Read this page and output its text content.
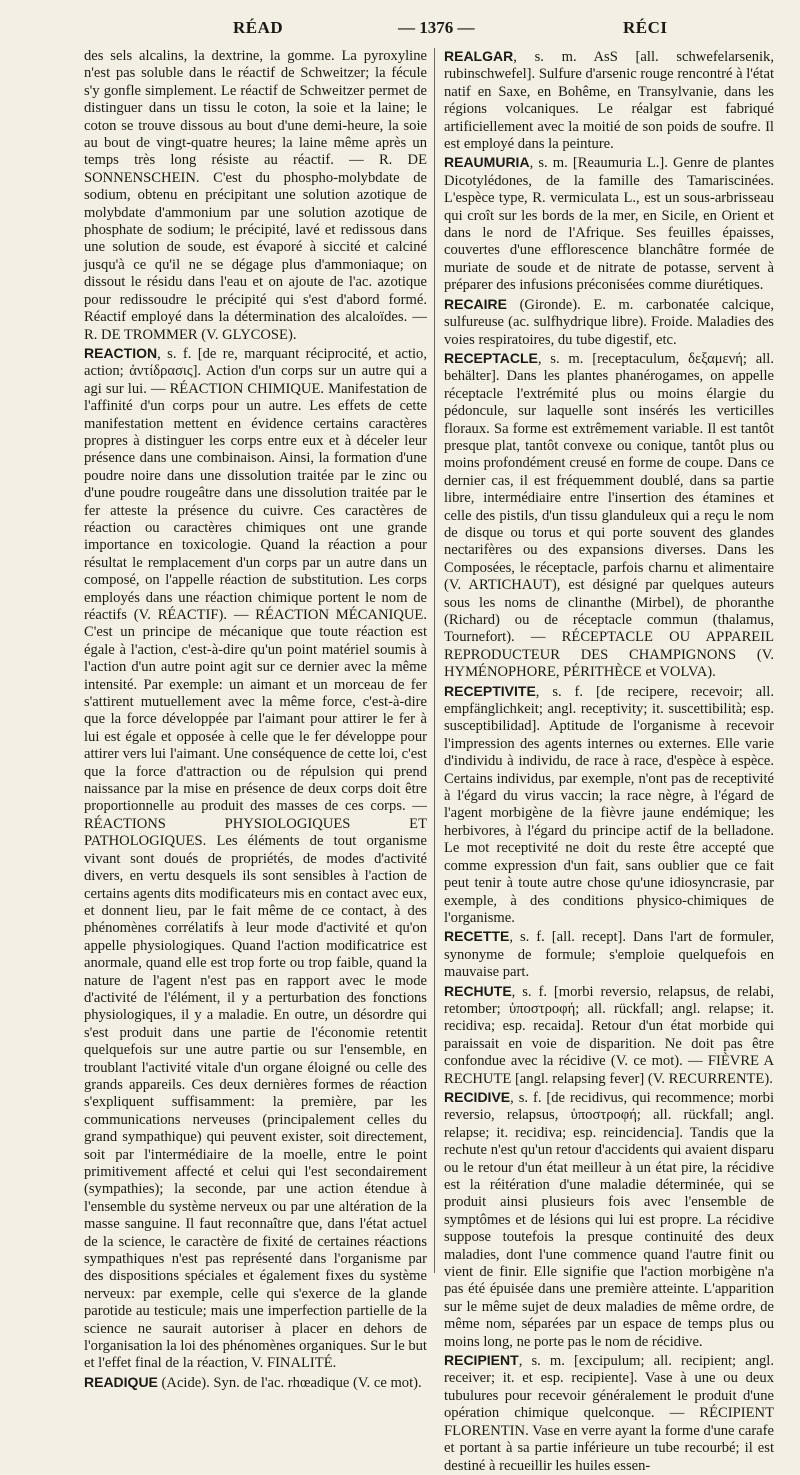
RÉAD	— 1376 —	RÉCI

des sels alcalins, la dextrine, la gomme. La pyroxyline n'est pas soluble dans le réactif de Schweitzer; la fécule s'y gonfle simplement. Le réactif de Schweitzer permet de distinguer dans un tissu le coton, la soie et la laine; le coton se trouve dissous au bout d'une demi-heure, la soie au bout de vingt-quatre heures; la laine même après un temps très long résiste au réactif. — R. DE SONNENSCHEIN. C'est du phospho-molybdate de sodium, obtenu en précipitant une solution azotique de molybdate d'ammonium par une solution azotique de phosphate de sodium; le précipité, lavé et redissous dans une solution de soude, est évaporé à siccité et calciné jusqu'à ce qu'il ne se dégage plus d'ammoniaque; on dissout le résidu dans l'eau et on ajoute de l'ac. azotique pour redissoudre le précipité qui s'est d'abord formé. Réactif employé dans la détermination des alcaloïdes. — R. DE TROMMER (V. GLYCOSE).

REACTION, s. f. [de re, marquant réciprocité, et actio, action; ἀντίδρασις]. Action d'un corps sur un autre qui a agi sur lui. — RÉACTION CHIMIQUE. Manifestation de l'affinité d'un corps pour un autre. Les effets de cette manifestation mettent en évidence certains caractères propres à distinguer les corps entre eux et à déceler leur présence dans une combinaison. Ainsi, la formation d'une poudre noire dans une dissolution traitée par le zinc ou d'une poudre rougeâtre dans une dissolution traitée par le fer atteste la présence du cuivre. Ces caractères de réaction ou caractères chimiques ont une grande importance en toxicologie. Quand la réaction a pour résultat le remplacement d'un corps par un autre dans un composé, on l'appelle réaction de substitution. Les corps employés dans une réaction chimique portent le nom de réactifs (V. RÉACTIF). — RÉACTION MÉCANIQUE. C'est un principe de mécanique que toute réaction est égale à l'action, c'est-à-dire qu'un point matériel soumis à l'action d'un autre point agit sur ce dernier avec la même intensité. Par exemple: un aimant et un morceau de fer s'attirent mutuellement avec la même force, c'est-à-dire que la force développée par l'aimant pour attirer le fer à lui est égale et opposée à celle que le fer développe pour attirer vers lui l'aimant. Une conséquence de cette loi, c'est que la force d'attraction ou de répulsion qui prend naissance par la mise en présence de deux corps doit être proportionnelle au produit des masses de ces corps. — RÉACTIONS PHYSIOLOGIQUES ET PATHOLOGIQUES. Les éléments de tout organisme vivant sont doués de propriétés, de modes d'activité divers, en vertu desquels ils sont sensibles à l'action de certains agents dits modificateurs mis en contact avec eux, et donnent lieu, par le fait même de ce contact, à des phénomènes corrélatifs à leur mode d'activité et qu'on appelle physiologiques. Quand l'action modificatrice est anormale, quand elle est trop forte ou trop faible, quand la nature de l'agent n'est pas en rapport avec le mode d'activité de l'élément, il y a perturbation des fonctions physiologiques, il y a maladie. En outre, un désordre qui s'est produit dans une partie de l'économie retentit quelquefois sur une autre partie ou sur l'ensemble, en troublant l'activité vitale d'un organe éloigné ou celle des grands appareils. Ces deux dernières formes de réaction s'expliquent suffisamment: la première, par les communications nerveuses (principalement celles du grand sympathique) qui peuvent exister, soit directement, soit par l'intermédiaire de la moelle, entre le point primitivement affecté et celui qui l'est secondairement (sympathies); la seconde, par une action étendue à l'ensemble du système nerveux ou par une altération de la masse sanguine. Il faut reconnaître que, dans l'état actuel de la science, le caractère de fixité de certaines réactions sympathiques n'est pas représenté dans l'organisme par des dispositions spéciales et également fixes du système nerveux: par exemple, celle qui s'exerce de la glande parotide au testicule; mais une imperfection partielle de la science ne saurait autoriser à placer en dehors de l'organisation la loi des phénomènes organiques. Sur le but et l'effet final de la réaction, V. FINALITÉ.

READIQUE (Acide). Syn. de l'ac. rhœadique (V. ce mot).

REALGAR, s. m. AsS [all. schwefelarsenik, rubinschwefel]. Sulfure d'arsenic rouge rencontré à l'état natif en Saxe, en Bohême, en Transylvanie, dans les régions volcaniques. Le réalgar est fabriqué artificiellement avec la moitié de son poids de soufre. Il est employé dans la peinture.

REAUMURIA, s. m. [Reaumuria L.]. Genre de plantes Dicotylédones, de la famille des Tamariscinées. L'espèce type, R. vermiculata L., est un sous-arbrisseau qui croît sur les bords de la mer, en Sicile, en Orient et dans le nord de l'Afrique. Ses feuilles épaisses, couvertes d'une efflorescence blanchâtre formée de muriate de soude et de nitrate de potasse, servent à préparer des infusions préconisées comme diurétiques.

RECAIRE (Gironde). E. m. carbonatée calcique, sulfureuse (ac. sulfhydrique libre). Froide. Maladies des voies respiratoires, du tube digestif, etc.

RECEPTACLE, s. m. [receptaculum, δεξαμενή; all. behälter]. Dans les plantes phanérogames, on appelle réceptacle l'extrémité plus ou moins élargie du pédoncule, sur laquelle sont insérés les verticilles floraux. Sa forme est extrêmement variable. Il est tantôt presque plat, tantôt convexe ou conique, tantôt plus ou moins profondément creusé en forme de coupe. Dans ce dernier cas, il est fréquemment doublé, dans sa partie libre, intermédiaire entre l'insertion des étamines et celle des pistils, d'un tissu glanduleux qui a reçu le nom de disque ou torus et qui porte souvent des glandes nectarifères ou des expansions diverses. Dans les Composées, le réceptacle, parfois charnu et alimentaire (V. ARTICHAUT), est désigné par quelques auteurs sous les noms de clinanthe (Mirbel), de phoranthe (Richard) ou de réceptacle commun (thalamus, Tournefort). — RÉCEPTACLE OU APPAREIL REPRODUCTEUR DES CHAMPIGNONS (V. HYMÉNOPHORE, PÉRITHÈCE et VOLVA).

RECEPTIVITE, s. f. [de recipere, recevoir; all. empfänglichkeit; angl. receptivity; it. suscettibilità; esp. susceptibilidad]. Aptitude de l'organisme à recevoir l'impression des agents internes ou externes. Elle varie d'individu à individu, de race à race, d'espèce à espèce. Certains individus, par exemple, n'ont pas de receptivité à l'égard du virus vaccin; la race nègre, à l'égard de l'agent morbigène de la fièvre jaune endémique; les herbivores, à l'égard du principe actif de la belladone. Le mot receptivité ne doit du reste être accepté que comme expression d'un fait, sans oublier que ce fait peut tenir à toute autre chose qu'une idiosyncrasie, par exemple, à des conditions physico-chimiques de l'organisme.

RECETTE, s. f. [all. recept]. Dans l'art de formuler, synonyme de formule; s'emploie quelquefois en mauvaise part.

RECHUTE, s. f. [morbi reversio, relapsus, de relabi, retomber; ὑποστροφή; all. rückfall; angl. relapse; it. recidiva; esp. recaida]. Retour d'un état morbide qui paraissait en voie de disparition. Ne doit pas être confondue avec la récidive (V. ce mot). — FIÈVRE A RECHUTE [angl. relapsing fever] (V. RECURRENTE).

RECIDIVE, s. f. [de recidivus, qui recommence; morbi reversio, relapsus, ὑποστροφή; all. rückfall; angl. relapse; it. recidiva; esp. reincidencia]. Tandis que la rechute n'est qu'un retour d'accidents qui avaient disparu ou le retour d'un état meilleur à un état pire, la récidive est la réitération d'une maladie déterminée, qui se produit ainsi plusieurs fois avec l'ensemble de symptômes et de lésions qui lui est propre. La récidive suppose toutefois la presque continuité des deux maladies, dont l'une commence quand l'autre finit ou vient de finir. Elle signifie que l'action morbigène n'a pas été épuisée dans une première atteinte. L'apparition sur le même sujet de deux maladies de même ordre, de même nom, séparées par un espace de temps plus ou moins long, ne porte pas le nom de récidive.

RECIPIENT, s. m. [excipulum; all. recipient; angl. receiver; it. et esp. recipiente]. Vase à une ou deux tubulures pour recevoir généralement le produit d'une opération chimique quelconque. — RÉCIPIENT FLORENTIN. Vase en verre ayant la forme d'une carafe et portant à sa partie inférieure un tube recourbé; il est destiné à recueillir les huiles essen-
